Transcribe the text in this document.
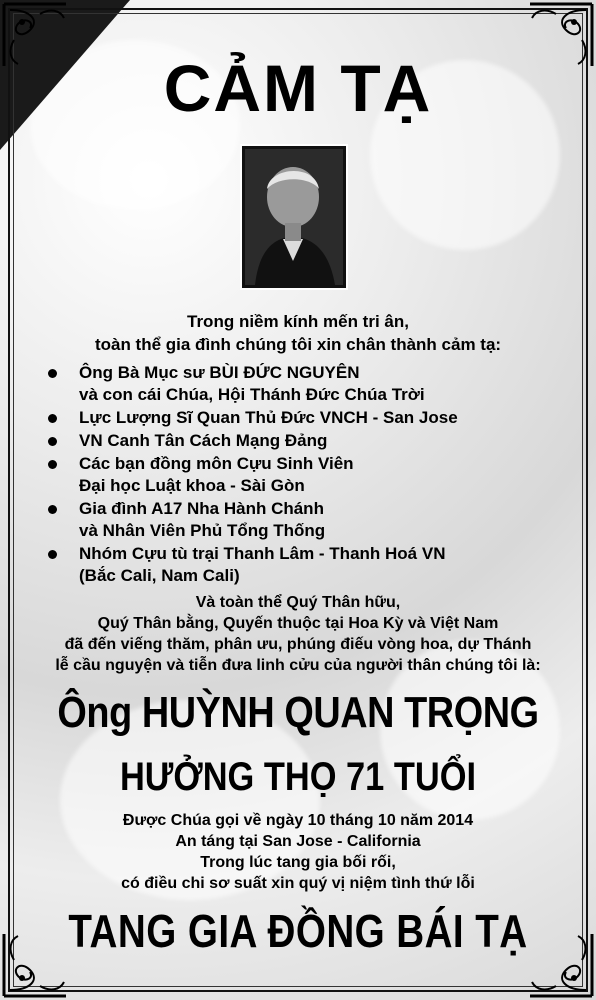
CẢM TẠ
Trong niềm kính mến tri ân,
toàn thể gia đình chúng tôi xin chân thành cảm tạ:
Ông Bà Mục sư BÙI ĐỨC NGUYÊN
và con cái Chúa, Hội Thánh Đức Chúa Trời
Lực Lượng Sĩ Quan Thủ Đức VNCH - San Jose
VN Canh Tân Cách Mạng Đảng
Các bạn đồng môn Cựu Sinh Viên
Đại học Luật khoa - Sài Gòn
Gia đình A17 Nha Hành Chánh
và Nhân Viên Phủ Tổng Thống
Nhóm Cựu tù trại Thanh Lâm - Thanh Hoá VN
(Bắc Cali, Nam Cali)
Và toàn thể Quý Thân hữu,
Quý Thân bằng, Quyến thuộc tại Hoa Kỳ và Việt Nam
đã đến viếng thăm, phân ưu, phúng điếu vòng hoa, dự Thánh
lễ cầu nguyện và tiễn đưa linh cửu của người thân chúng tôi là:
Ông HUỲNH QUAN TRỌNG
HƯỞNG THỌ 71 TUỔI
Được Chúa gọi về ngày 10 tháng 10 năm 2014
An táng tại San Jose - California
Trong lúc tang gia bối rối,
có điều chi sơ suất xin quý vị niệm tình thứ lỗi
TANG GIA ĐỒNG BÁI TẠ
